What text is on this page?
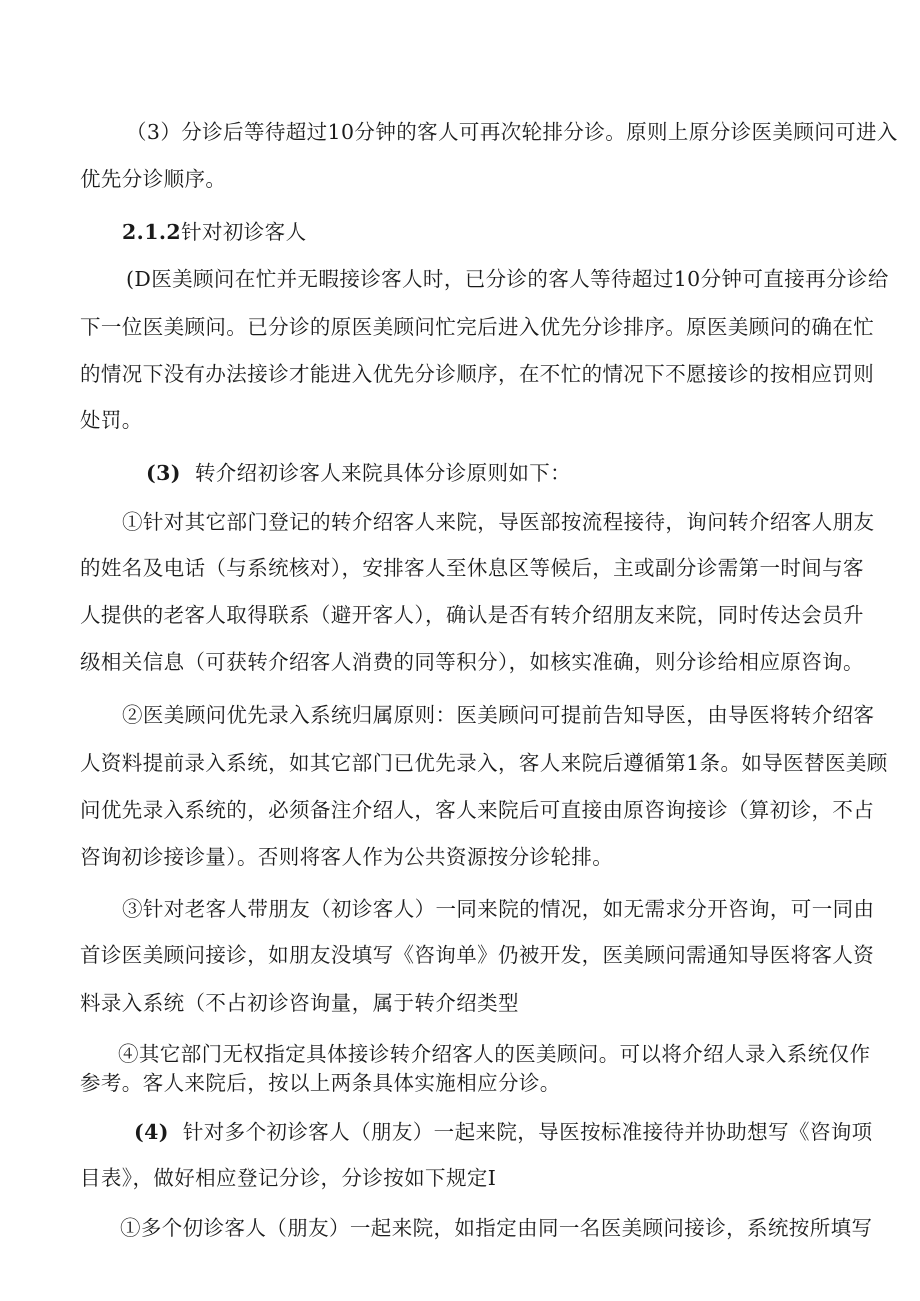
（3）分诊后等待超过10分钟的客人可再次轮排分诊。原则上原分诊医美顾问可进入
优先分诊顺序。
2.1.2针对初诊客人
(D医美顾问在忙并无暇接诊客人时，已分诊的客人等待超过10分钟可直接再分诊给
下一位医美顾问。已分诊的原医美顾问忙完后进入优先分诊排序。原医美顾问的确在忙
的情况下没有办法接诊才能进入优先分诊顺序，在不忙的情况下不愿接诊的按相应罚则
处罚。
(3) 转介绍初诊客人来院具体分诊原则如下：
①针对其它部门登记的转介绍客人来院，导医部按流程接待，询问转介绍客人朋友
的姓名及电话（与系统核对），安排客人至休息区等候后，主或副分诊需第一时间与客
人提供的老客人取得联系（避开客人），确认是否有转介绍朋友来院，同时传达会员升
级相关信息（可获转介绍客人消费的同等积分），如核实准确，则分诊给相应原咨询。
②医美顾问优先录入系统归属原则：医美顾问可提前告知导医，由导医将转介绍客
人资料提前录入系统，如其它部门已优先录入，客人来院后遵循第1条。如导医替医美顾
问优先录入系统的，必须备注介绍人，客人来院后可直接由原咨询接诊（算初诊，不占
咨询初诊接诊量）。否则将客人作为公共资源按分诊轮排。
③针对老客人带朋友（初诊客人）一同来院的情况，如无需求分开咨询，可一同由
首诊医美顾问接诊，如朋友没填写《咨询单》仍被开发，医美顾问需通知导医将客人资
料录入系统（不占初诊咨询量，属于转介绍类型
④其它部门无权指定具体接诊转介绍客人的医美顾问。可以将介绍人录入系统仅作
参考。客人来院后，按以上两条具体实施相应分诊。
(4) 针对多个初诊客人（朋友）一起来院，导医按标准接待并协助想写《咨询项
目表》，做好相应登记分诊，分诊按如下规定I
①多个仞诊客人（朋友）一起来院，如指定由同一名医美顾问接诊，系统按所填写
